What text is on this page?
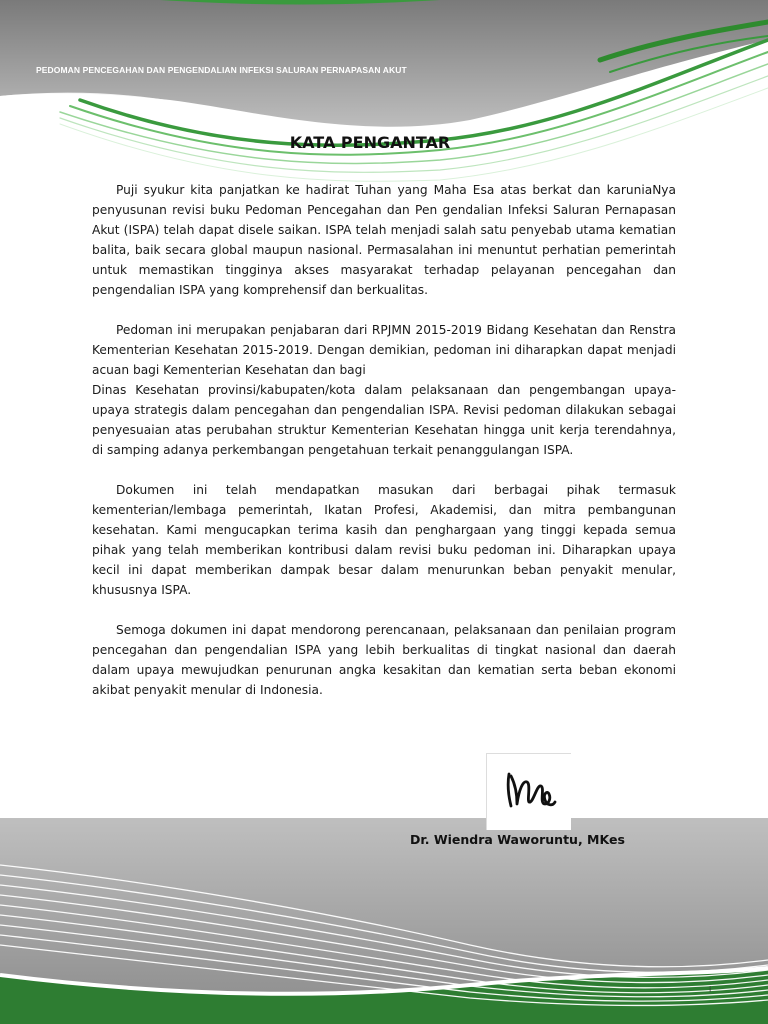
PEDOMAN PENCEGAHAN DAN PENGENDALIAN INFEKSI SALURAN PERNAPASAN AKUT
KATA PENGANTAR

Puji syukur kita panjatkan ke hadirat Tuhan yang Maha Esa atas berkat dan karuniaNya penyusunan revisi buku Pedoman Pencegahan dan Pen gendalian Infeksi Saluran Pernapasan Akut (ISPA) telah dapat disele saikan. ISPA telah menjadi salah satu penyebab utama kematian balita, baik secara global maupun nasional. Permasalahan ini menuntut perhatian pemerintah untuk memastikan tingginya akses masyarakat terhadap pelayanan pencegahan dan pengendalian ISPA yang komprehensif dan berkualitas.

Pedoman ini merupakan penjabaran dari RPJMN 2015-2019 Bidang Kesehatan dan Renstra Kementerian Kesehatan 2015-2019. Dengan demikian, pedoman ini diharapkan dapat menjadi acuan bagi Kementerian Kesehatan dan bagi

Dinas Kesehatan provinsi/kabupaten/kota dalam pelaksanaan dan pengembangan upaya-upaya strategis dalam pencegahan dan pengendalian ISPA. Revisi pedoman dilakukan sebagai penyesuaian atas perubahan struktur Kementerian Kesehatan hingga unit kerja terendahnya, di samping adanya perkembangan pengetahuan terkait penanggulangan ISPA.

Dokumen ini telah mendapatkan masukan dari berbagai pihak termasuk kementerian/lembaga pemerintah, Ikatan Profesi, Akademisi, dan mitra pembangunan kesehatan. Kami mengucapkan terima kasih dan penghargaan yang tinggi kepada semua pihak yang telah memberikan kontribusi dalam revisi buku pedoman ini. Diharapkan upaya kecil ini dapat memberikan dampak besar dalam menurunkan beban penyakit menular, khususnya ISPA.

Semoga dokumen ini dapat mendorong perencanaan, pelaksanaan dan penilaian program pencegahan dan pengendalian ISPA yang lebih berkualitas di tingkat nasional dan daerah dalam upaya mewujudkan penurunan angka kesakitan dan kematian serta beban ekonomi akibat penyakit menular di Indonesia.

Dr. Wiendra Waworuntu, MKes
i
